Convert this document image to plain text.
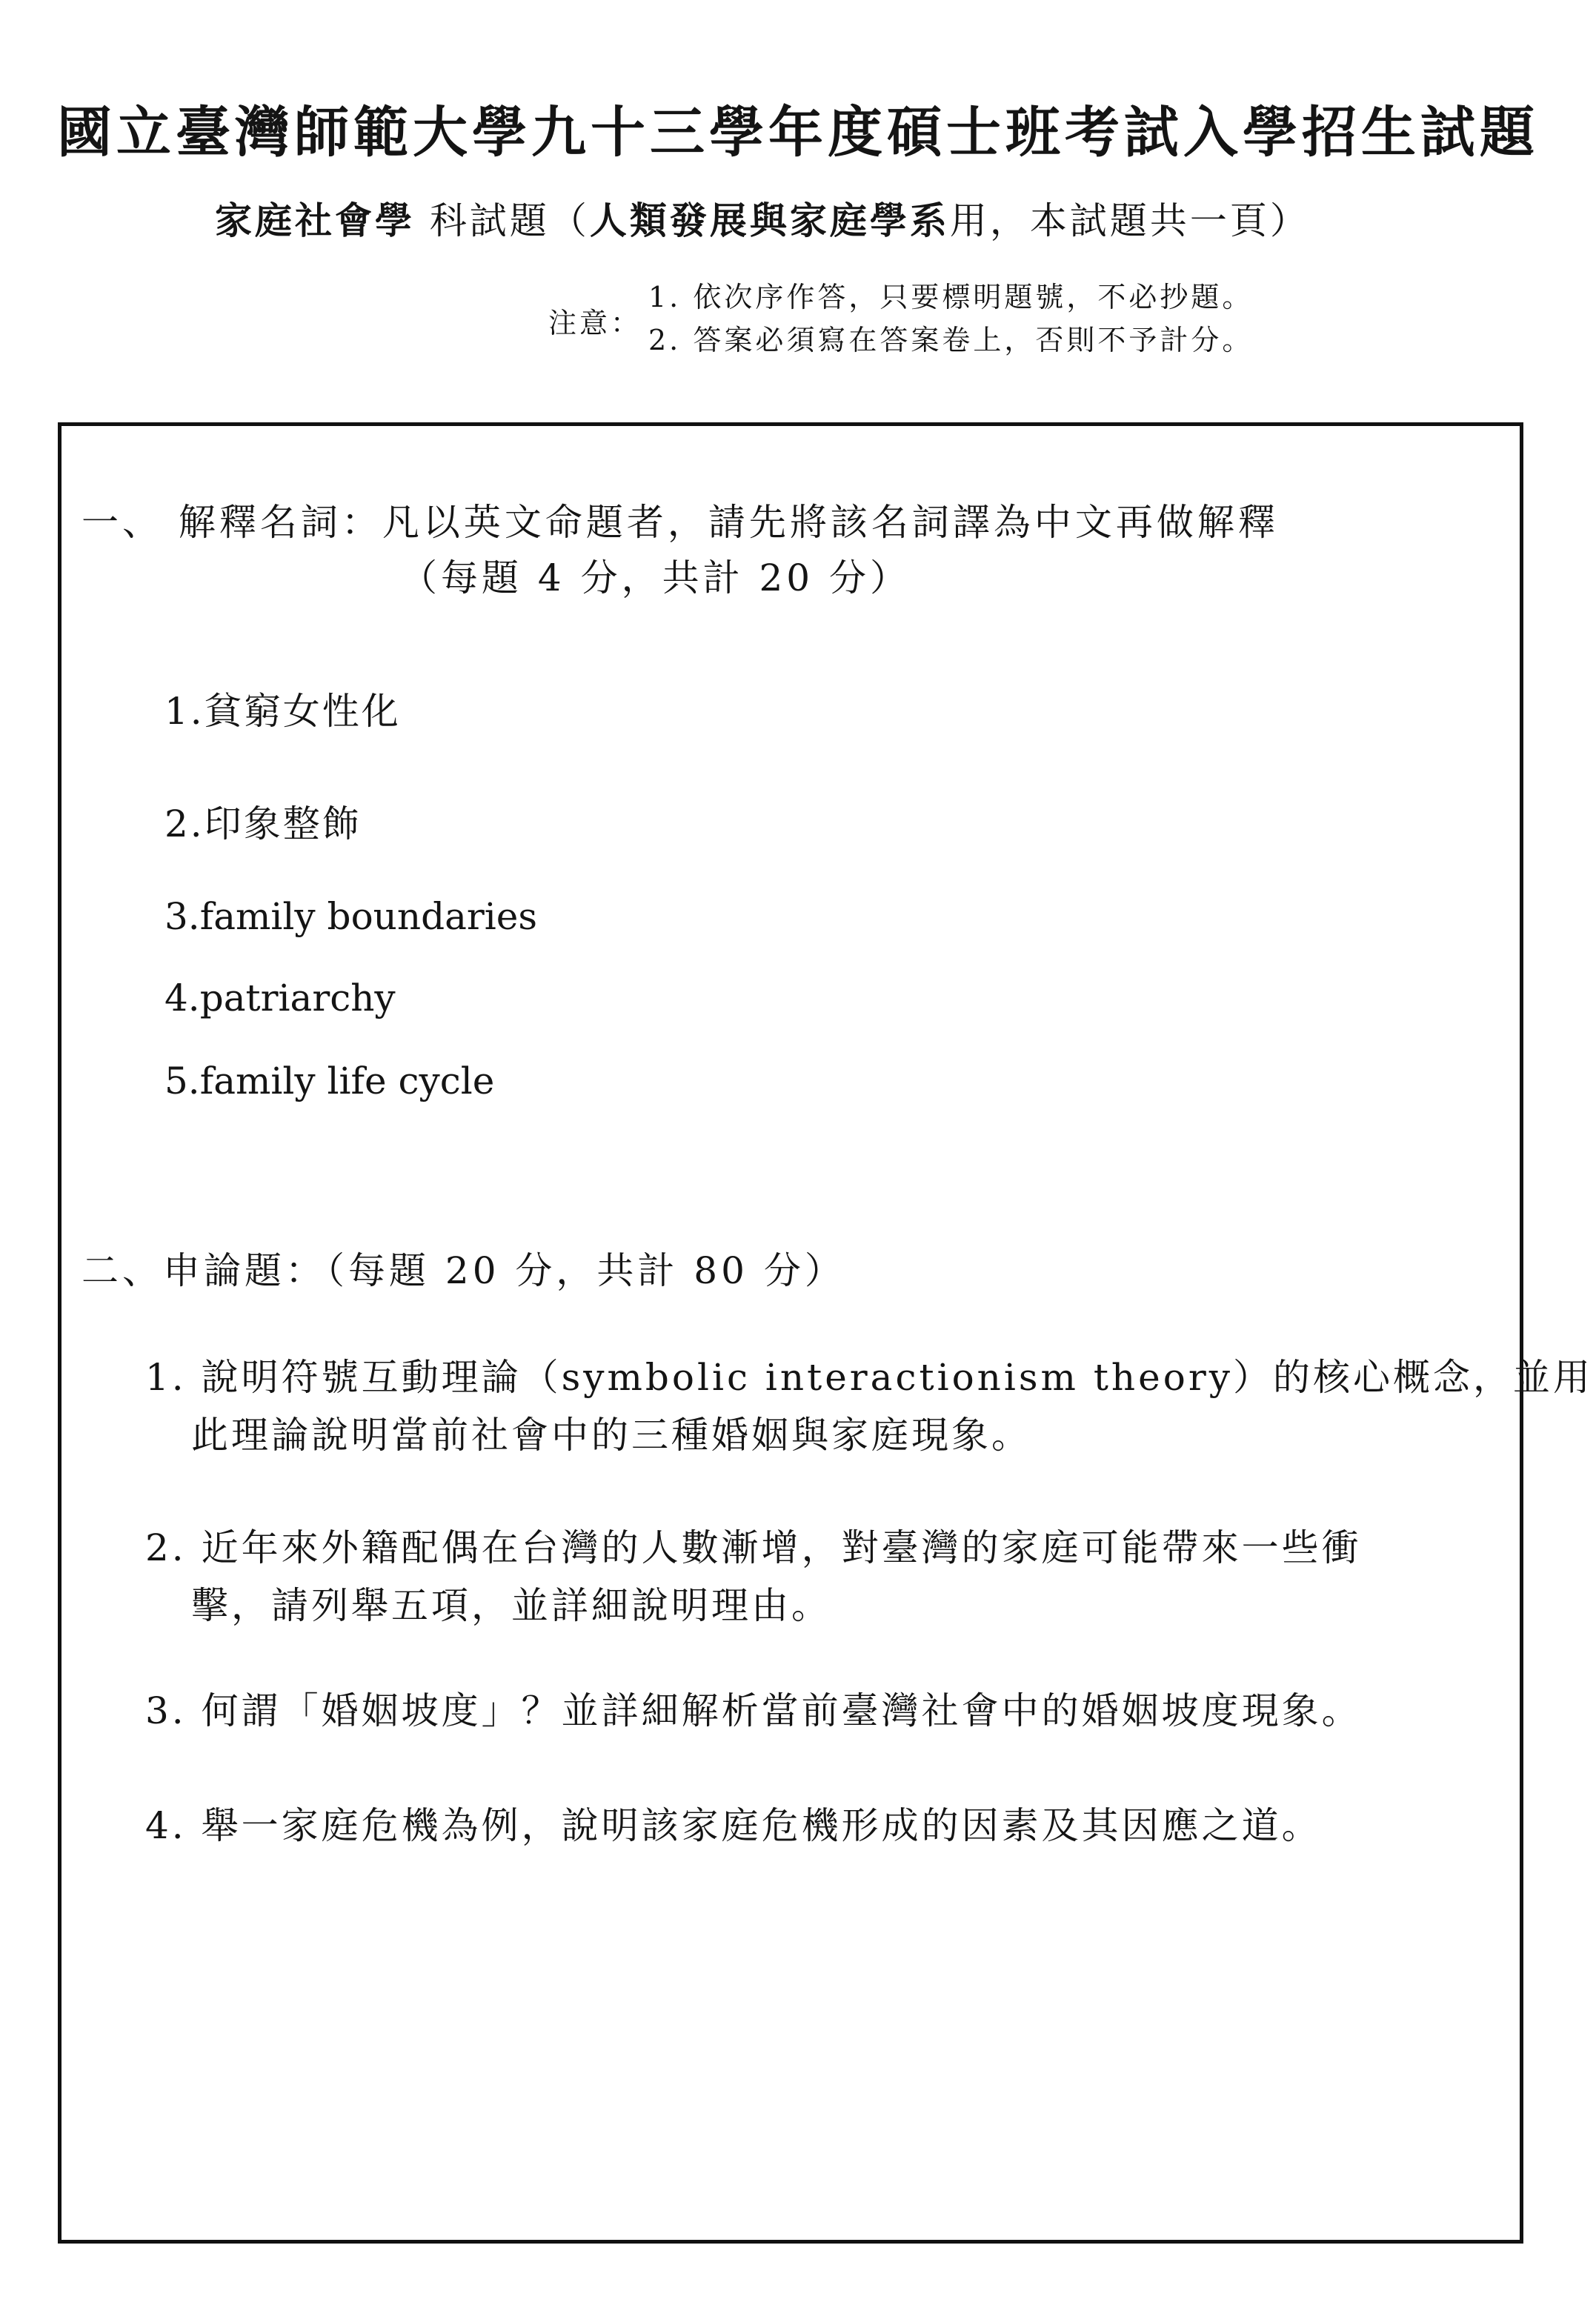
國立臺灣師範大學九十三學年度碩士班考試入學招生試題
家庭社會學 科試題（人類發展與家庭學系用，本試題共一頁）
注意：
1. 依次序作答，只要標明題號，不必抄題。
2. 答案必須寫在答案卷上，否則不予計分。
一、 解釋名詞：凡以英文命題者，請先將該名詞譯為中文再做解釋
（每題 4 分，共計 20 分）
1.貧窮女性化
2.印象整飾
3.family boundaries
4.patriarchy
5.family life cycle
二、申論題：（每題 20 分，共計 80 分）
1. 說明符號互動理論（symbolic interactionism theory）的核心概念，並用
此理論說明當前社會中的三種婚姻與家庭現象。
2. 近年來外籍配偶在台灣的人數漸增，對臺灣的家庭可能帶來一些衝
擊，請列舉五項，並詳細說明理由。
3. 何謂「婚姻坡度」？並詳細解析當前臺灣社會中的婚姻坡度現象。
4. 舉一家庭危機為例，說明該家庭危機形成的因素及其因應之道。
